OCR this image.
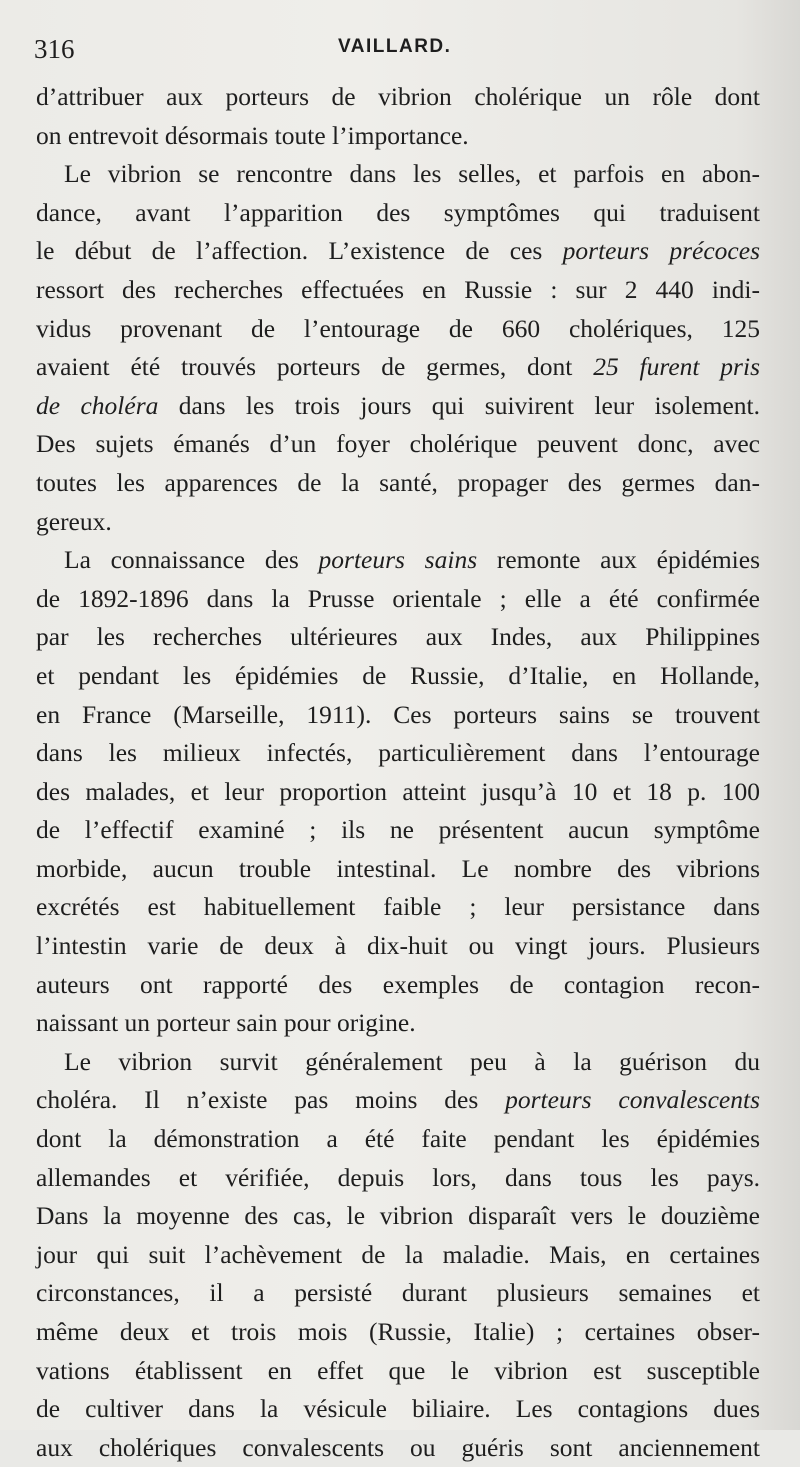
316	VAILLARD.
d’attribuer aux porteurs de vibrion cholérique un rôle dont
on entrevoit désormais toute l’importance.
Le vibrion se rencontre dans les selles, et parfois en abon-
dance, avant l’apparition des symptômes qui traduisent
le début de l’affection. L’existence de ces porteurs précoces
ressort des recherches effectuées en Russie : sur 2 440 indi-
vidus provenant de l’entourage de 660 cholériques, 125
avaient été trouvés porteurs de germes, dont 25 furent pris
de choléra dans les trois jours qui suivirent leur isolement.
Des sujets émanés d’un foyer cholérique peuvent donc, avec
toutes les apparences de la santé, propager des germes dan-
gereux.
La connaissance des porteurs sains remonte aux épidémies
de 1892-1896 dans la Prusse orientale ; elle a été confirmée
par les recherches ultérieures aux Indes, aux Philippines
et pendant les épidémies de Russie, d’Italie, en Hollande,
en France (Marseille, 1911). Ces porteurs sains se trouvent
dans les milieux infectés, particulièrement dans l’entourage
des malades, et leur proportion atteint jusqu’à 10 et 18 p. 100
de l’effectif examiné ; ils ne présentent aucun symptôme
morbide, aucun trouble intestinal. Le nombre des vibrions
excrétés est habituellement faible ; leur persistance dans
l’intestin varie de deux à dix-huit ou vingt jours. Plusieurs
auteurs ont rapporté des exemples de contagion recon-
naissant un porteur sain pour origine.
Le vibrion survit généralement peu à la guérison du
choléra. Il n’existe pas moins des porteurs convalescents
dont la démonstration a été faite pendant les épidémies
allemandes et vérifiée, depuis lors, dans tous les pays.
Dans la moyenne des cas, le vibrion disparaît vers le douzième
jour qui suit l’achèvement de la maladie. Mais, en certaines
circonstances, il a persisté durant plusieurs semaines et
même deux et trois mois (Russie, Italie) ; certaines obser-
vations établissent en effet que le vibrion est susceptible
de cultiver dans la vésicule biliaire. Les contagions dues
aux cholériques convalescents ou guéris sont anciennement
